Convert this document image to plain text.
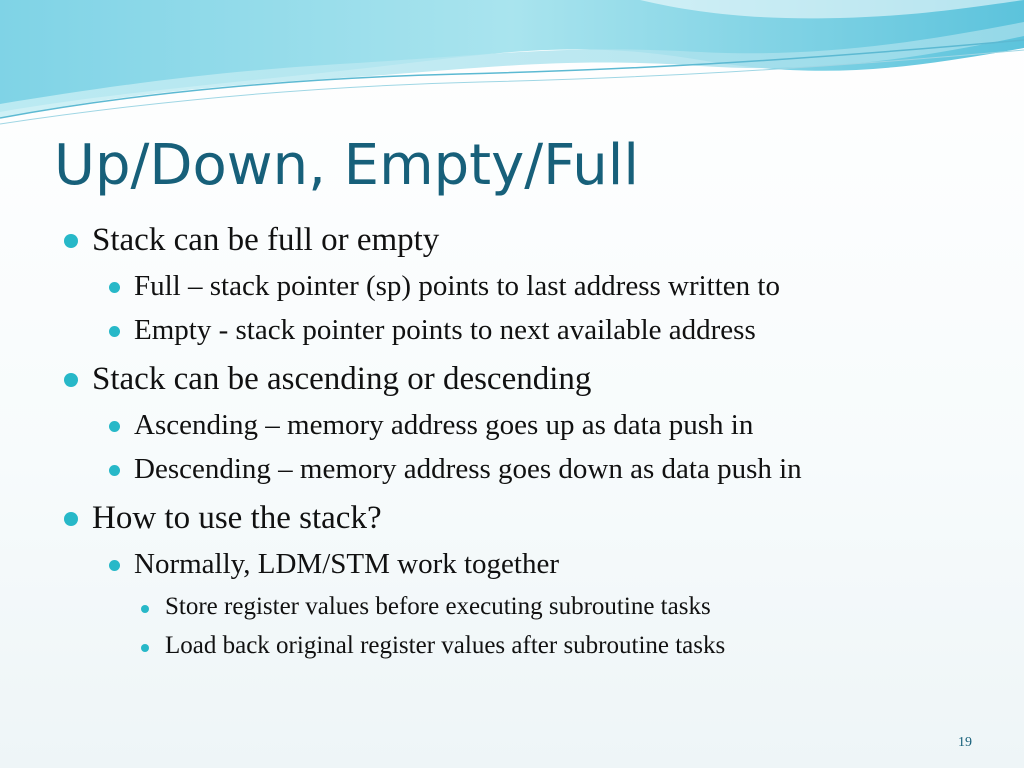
Up/Down, Empty/Full
Stack can be full or empty
Full – stack pointer (sp) points to last address written to
Empty - stack pointer points to next available address
Stack can be ascending or descending
Ascending – memory address goes up as data push in
Descending – memory address goes down as data push in
How to use the stack?
Normally, LDM/STM work together
Store register values before executing subroutine tasks
Load back original register values after subroutine tasks
19
